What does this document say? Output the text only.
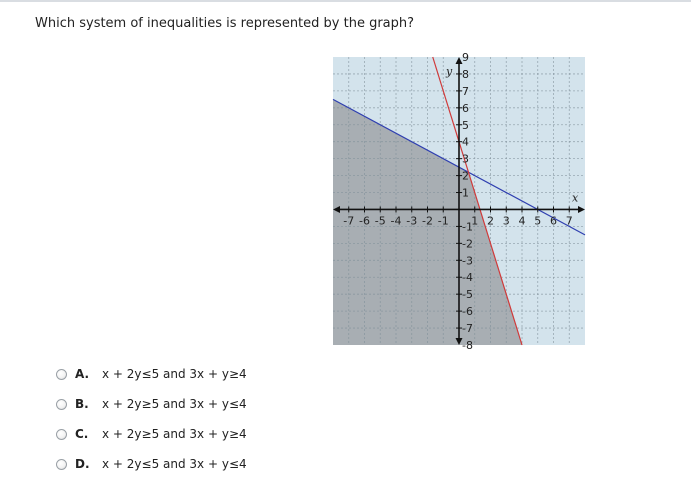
Which system of inequalities is represented by the graph?
-7 -6 -5 -4 -3 -2 -1 1 2 3 4 5 6 7
9
8
7
6
5
4
3
2
1
-1
-2
-3
-4
-5
-6
-7
-8
y
x
A.	x + 2y≤5 and 3x + y≥4
B.	x + 2y≥5 and 3x + y≤4
C.	x + 2y≥5 and 3x + y≥4
D.	x + 2y≤5 and 3x + y≤4
